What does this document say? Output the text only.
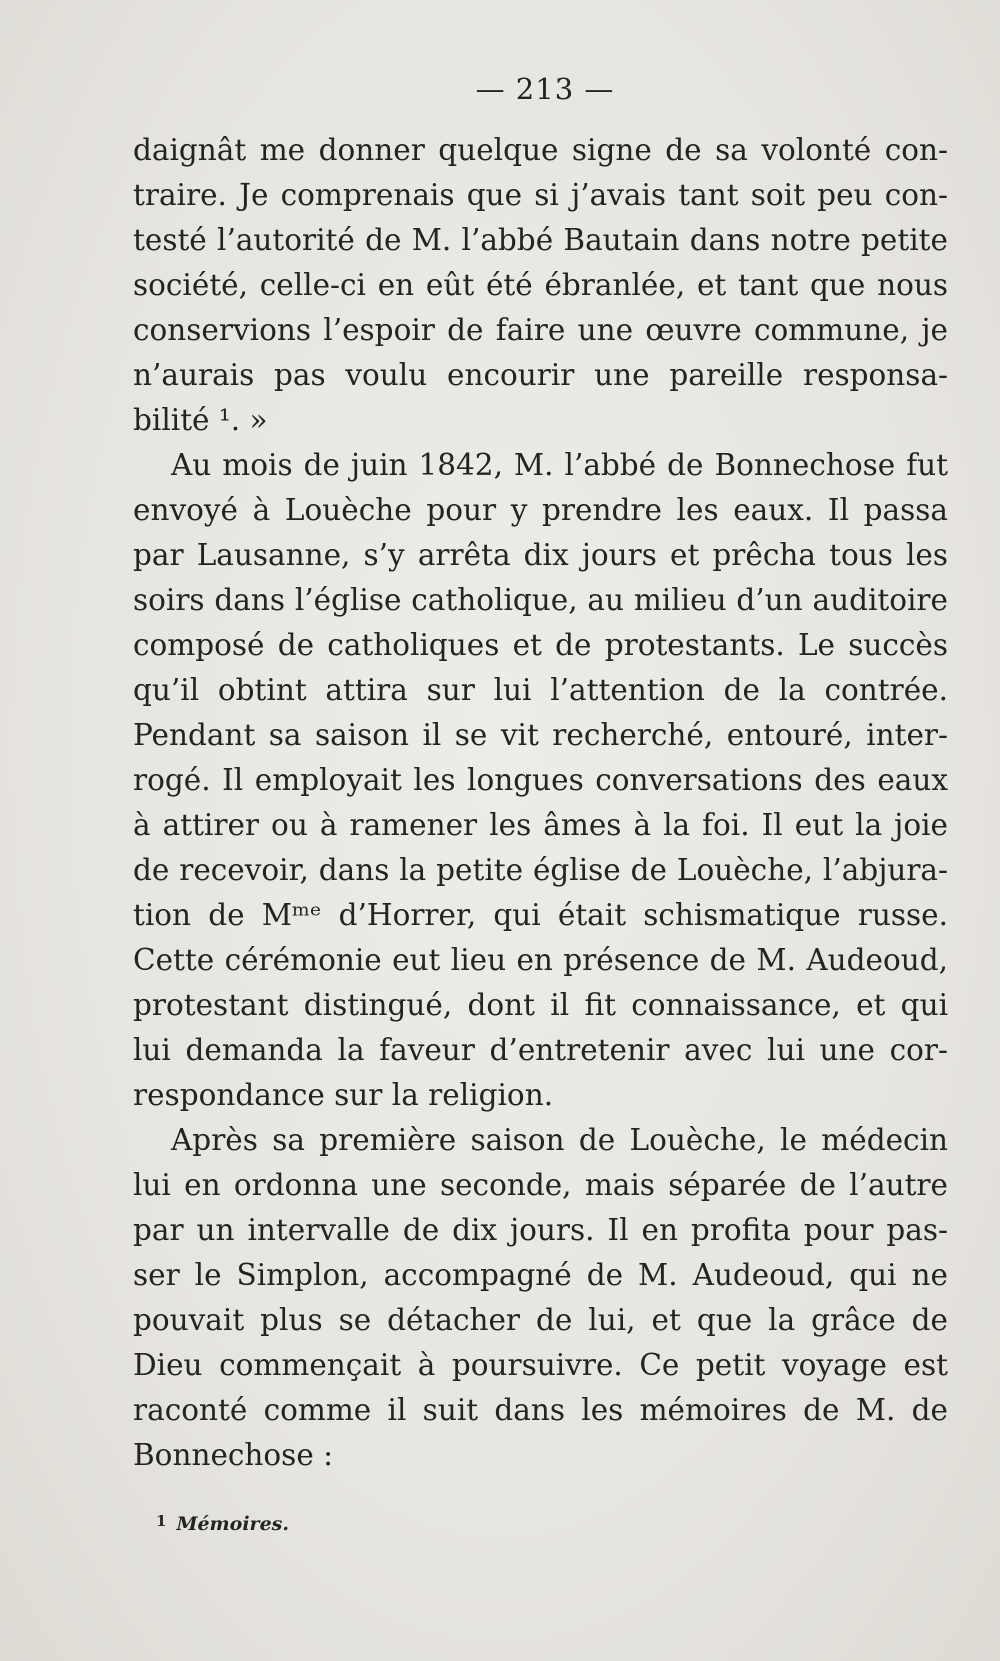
— 213 —
daignât me donner quelque signe de sa volonté con-
traire. Je comprenais que si j’avais tant soit peu con-
testé l’autorité de M. l’abbé Bautain dans notre petite
société, celle-ci en eût été ébranlée, et tant que nous
conservions l’espoir de faire une œuvre commune, je
n’aurais pas voulu encourir une pareille responsa-
bilité ¹. »
Au mois de juin 1842, M. l’abbé de Bonnechose fut
envoyé à Louèche pour y prendre les eaux. Il passa
par Lausanne, s’y arrêta dix jours et prêcha tous les
soirs dans l’église catholique, au milieu d’un auditoire
composé de catholiques et de protestants. Le succès
qu’il obtint attira sur lui l’attention de la contrée.
Pendant sa saison il se vit recherché, entouré, inter-
rogé. Il employait les longues conversations des eaux
à attirer ou à ramener les âmes à la foi. Il eut la joie
de recevoir, dans la petite église de Louèche, l’abjura-
tion de Mᵐᵉ d’Horrer, qui était schismatique russe.
Cette cérémonie eut lieu en présence de M. Audeoud,
protestant distingué, dont il fit connaissance, et qui
lui demanda la faveur d’entretenir avec lui une cor-
respondance sur la religion.
Après sa première saison de Louèche, le médecin
lui en ordonna une seconde, mais séparée de l’autre
par un intervalle de dix jours. Il en profita pour pas-
ser le Simplon, accompagné de M. Audeoud, qui ne
pouvait plus se détacher de lui, et que la grâce de
Dieu commençait à poursuivre. Ce petit voyage est
raconté comme il suit dans les mémoires de M. de
Bonnechose :
$^1$ Mémoires.
